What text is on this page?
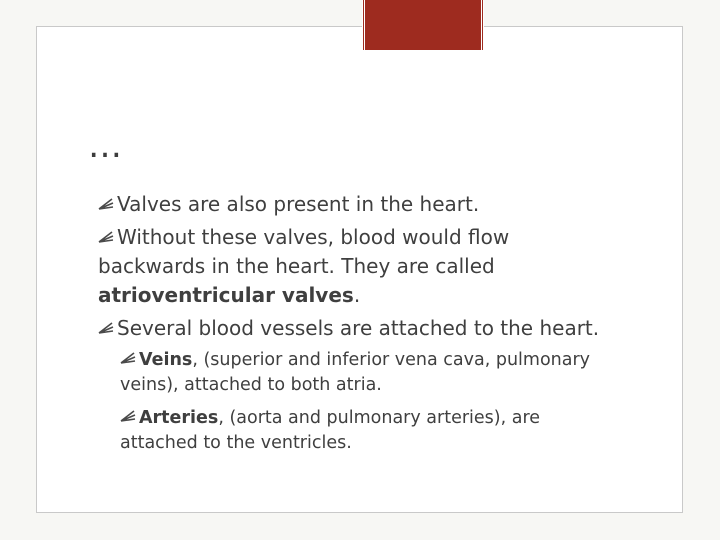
…
Valves are also present in the heart.
Without these valves, blood would flow backwards in the heart. They are called atrioventricular valves.
Several blood vessels are attached to the heart.
Veins, (superior and inferior vena cava, pulmonary veins), attached to both atria.
Arteries, (aorta and pulmonary arteries), are attached to the ventricles.
